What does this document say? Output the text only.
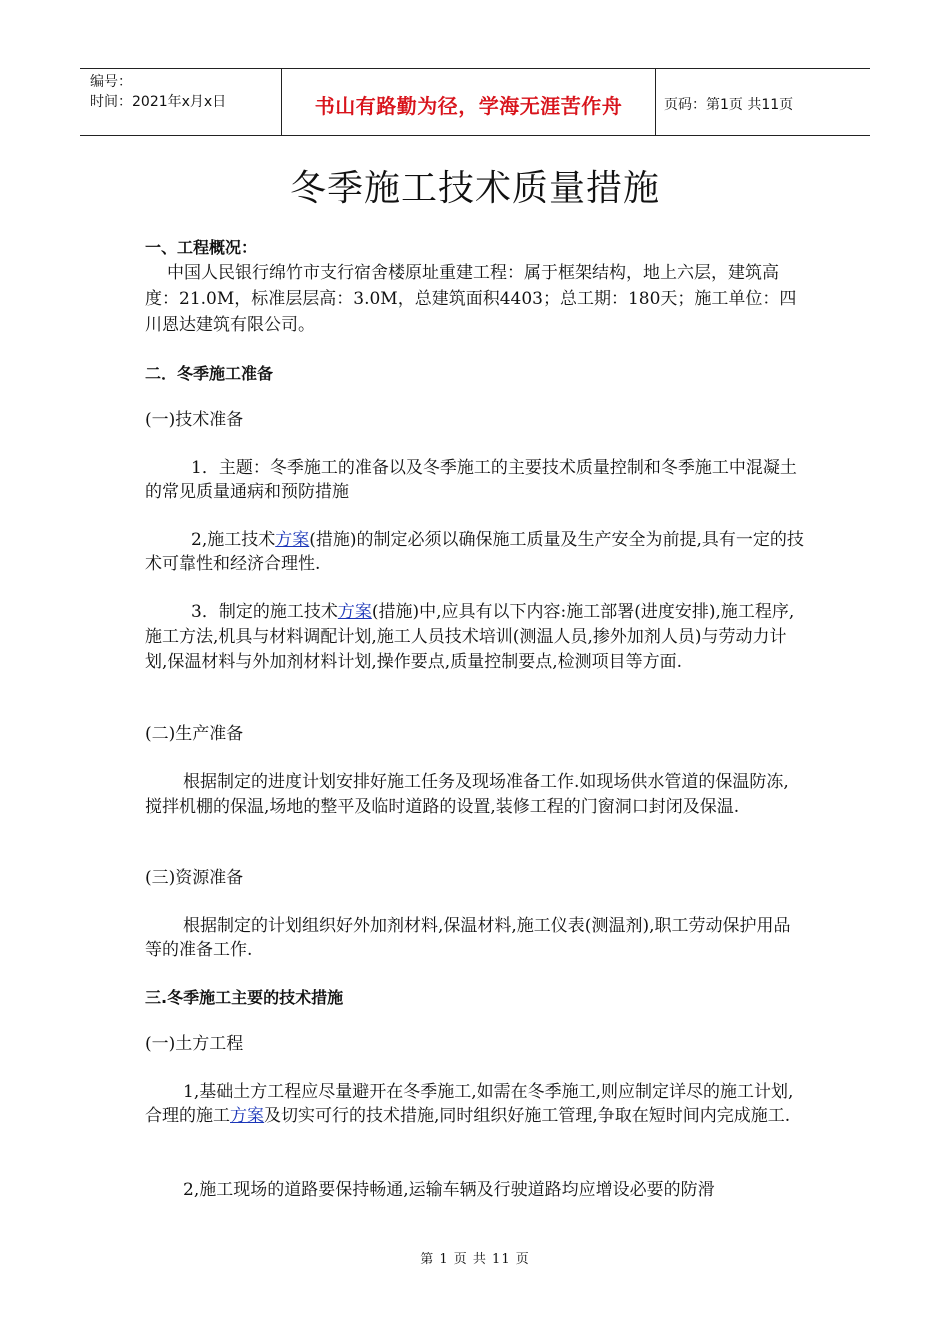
编号：
时间：2021年x月x日	书山有路勤为径，学海无涯苦作舟	页码：第1页 共11页
冬季施工技术质量措施
一、工程概况：
中国人民银行绵竹市支行宿舍楼原址重建工程：属于框架结构，地上六层，建筑高度：21.0M，标准层层高：3.0M，总建筑面积4403；总工期：180天；施工单位：四川恩达建筑有限公司。
二．冬季施工准备
(一)技术准备
1．主题：冬季施工的准备以及冬季施工的主要技术质量控制和冬季施工中混凝土的常见质量通病和预防措施
2,施工技术方案(措施)的制定必须以确保施工质量及生产安全为前提,具有一定的技术可靠性和经济合理性.
3．制定的施工技术方案(措施)中,应具有以下内容:施工部署(进度安排),施工程序,施工方法,机具与材料调配计划,施工人员技术培训(测温人员,掺外加剂人员)与劳动力计划,保温材料与外加剂材料计划,操作要点,质量控制要点,检测项目等方面.
(二)生产准备
根据制定的进度计划安排好施工任务及现场准备工作.如现场供水管道的保温防冻,搅拌机棚的保温,场地的整平及临时道路的设置,装修工程的门窗洞口封闭及保温.
(三)资源准备
根据制定的计划组织好外加剂材料,保温材料,施工仪表(测温剂),职工劳动保护用品等的准备工作.
三.冬季施工主要的技术措施
(一)土方工程
1,基础土方工程应尽量避开在冬季施工,如需在冬季施工,则应制定详尽的施工计划,合理的施工方案及切实可行的技术措施,同时组织好施工管理,争取在短时间内完成施工.
2,施工现场的道路要保持畅通,运输车辆及行驶道路均应增设必要的防滑
第 1 页 共 11 页
